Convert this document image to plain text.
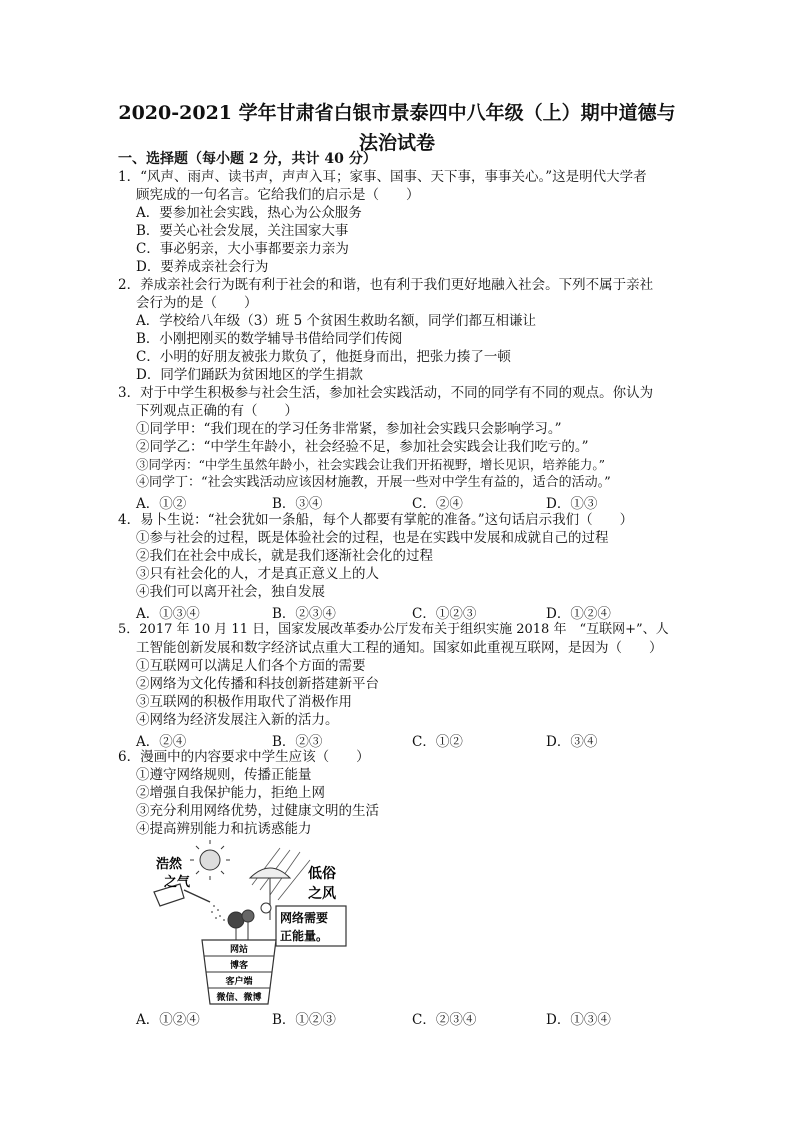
2020-2021 学年甘肃省白银市景泰四中八年级（上）期中道德与
法治试卷
一、选择题（每小题 2 分，共计 40 分）
1．“风声、雨声、读书声，声声入耳；家事、国事、天下事，事事关心。”这是明代大学者
顾宪成的一句名言。它给我们的启示是（　　）
A．要参加社会实践，热心为公众服务
B．要关心社会发展，关注国家大事
C．事必躬亲，大小事都要亲力亲为
D．要养成亲社会行为
2．养成亲社会行为既有利于社会的和谐，也有利于我们更好地融入社会。下列不属于亲社
会行为的是（　　）
A．学校给八年级（3）班 5 个贫困生救助名额，同学们都互相谦让
B．小刚把刚买的数学辅导书借给同学们传阅
C．小明的好朋友被张力欺负了，他挺身而出，把张力揍了一顿
D．同学们踊跃为贫困地区的学生捐款
3．对于中学生积极参与社会生活，参加社会实践活动，不同的同学有不同的观点。你认为
下列观点正确的有（　　）
①同学甲：“我们现在的学习任务非常紧，参加社会实践只会影响学习。”
②同学乙：“中学生年龄小，社会经验不足，参加社会实践会让我们吃亏的。”
③同学丙：“中学生虽然年龄小，社会实践会让我们开拓视野，增长见识，培养能力。”
④同学丁：“社会实践活动应该因材施教，开展一些对中学生有益的，适合的活动。”
A．①②	B．③④	C．②④	D．①③
4．易卜生说：“社会犹如一条船，每个人都要有掌舵的准备。”这句话启示我们（　　）
①参与社会的过程，既是体验社会的过程，也是在实践中发展和成就自己的过程
②我们在社会中成长，就是我们逐渐社会化的过程
③只有社会化的人，才是真正意义上的人
④我们可以离开社会，独自发展
A．①③④	B．②③④	C．①②③	D．①②④
5．2017 年 10 月 11 日，国家发展改革委办公厅发布关于组织实施 2018 年　“互联网+”、人
工智能创新发展和数字经济试点重大工程的通知。国家如此重视互联网，是因为（　　）
①互联网可以满足人们各个方面的需要
②网络为文化传播和科技创新搭建新平台
③互联网的积极作用取代了消极作用
④网络为经济发展注入新的活力。
A．②④	B．②③	C．①②	D．③④
6．漫画中的内容要求中学生应该（　　）
①遵守网络规则，传播正能量
②增强自我保护能力，拒绝上网
③充分利用网络优势，过健康文明的生活
④提高辨别能力和抗诱惑能力
浩然
之气
低俗
之风
网络需要
正能量。
网站
博客
客户端
微信、微博
A．①②④	B．①②③	C．②③④	D．①③④
